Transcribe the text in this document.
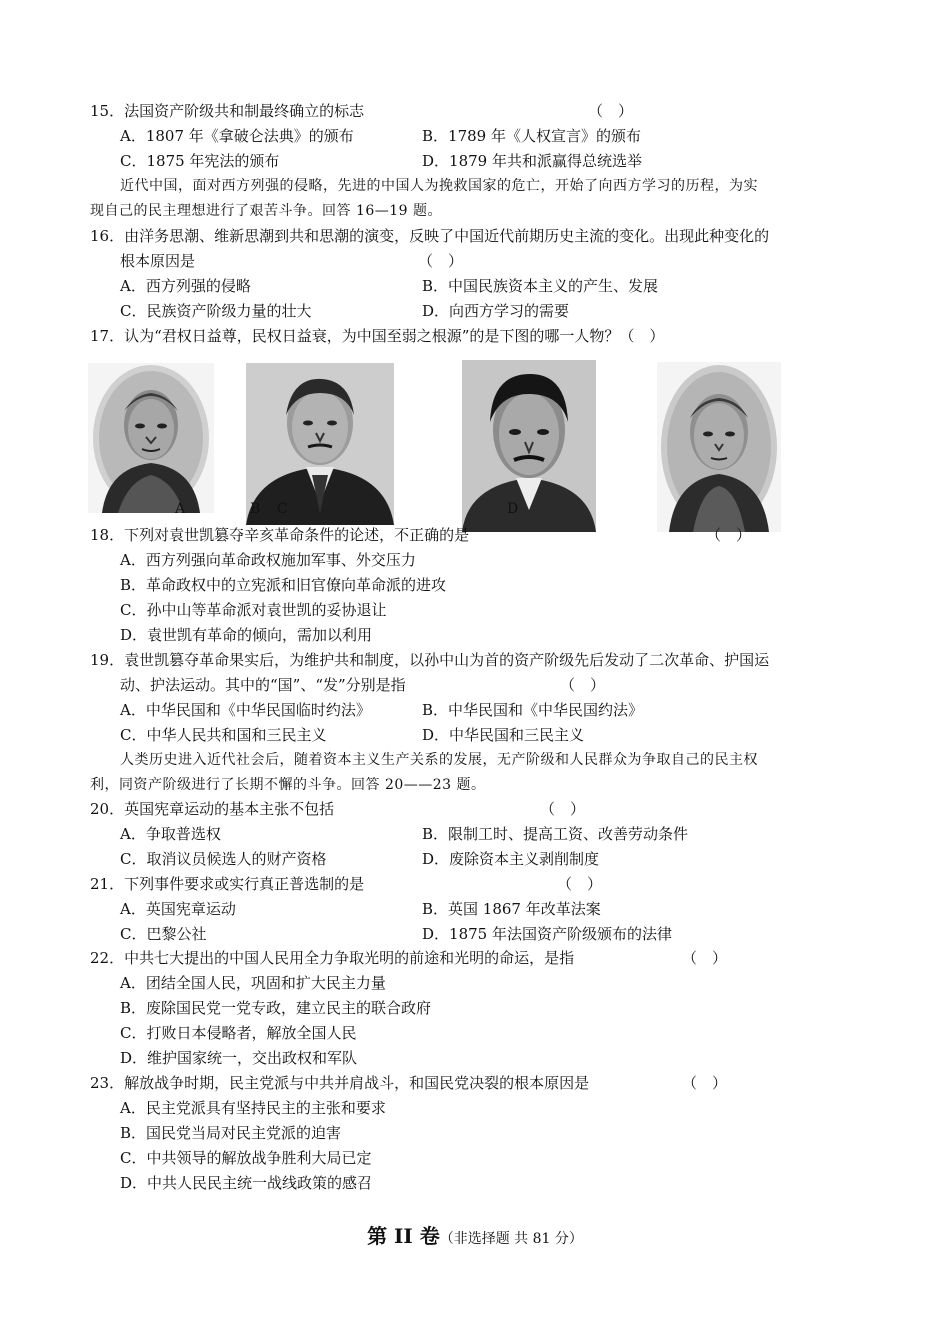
15．法国资产阶级共和制最终确立的标志	（　）
A．1807 年《拿破仑法典》的颁布	B．1789 年《人权宣言》的颁布
C．1875 年宪法的颁布	D．1879 年共和派赢得总统选举
近代中国，面对西方列强的侵略，先进的中国人为挽救国家的危亡，开始了向西方学习的历程，为实
现自己的民主理想进行了艰苦斗争。回答 16—19 题。
16．由洋务思潮、维新思潮到共和思潮的演变，反映了中国近代前期历史主流的变化。出现此种变化的
根本原因是	（　）
A．西方列强的侵略	B．中国民族资本主义的产生、发展
C．民族资产阶级力量的壮大	D．向西方学习的需要
17．认为“君权日益尊，民权日益衰，为中国至弱之根源”的是下图的哪一人物？（　）
A	B C	D
18．下列对袁世凯篡夺辛亥革命条件的论述，不正确的是	（　）
A．西方列强向革命政权施加军事、外交压力
B．革命政权中的立宪派和旧官僚向革命派的进攻
C．孙中山等革命派对袁世凯的妥协退让
D．袁世凯有革命的倾向，需加以利用
19．袁世凯篡夺革命果实后，为维护共和制度，以孙中山为首的资产阶级先后发动了二次革命、护国运
动、护法运动。其中的“国”、“发”分别是指	（　）
A．中华民国和《中华民国临时约法》	B．中华民国和《中华民国约法》
C．中华人民共和国和三民主义	D．中华民国和三民主义
人类历史进入近代社会后，随着资本主义生产关系的发展，无产阶级和人民群众为争取自己的民主权
利，同资产阶级进行了长期不懈的斗争。回答 20——23 题。
20．英国宪章运动的基本主张不包括	（　）
A．争取普选权	B．限制工时、提高工资、改善劳动条件
C．取消议员候选人的财产资格	D．废除资本主义剥削制度
21．下列事件要求或实行真正普选制的是	（　）
A．英国宪章运动	B．英国 1867 年改革法案
C．巴黎公社	D．1875 年法国资产阶级颁布的法律
22．中共七大提出的中国人民用全力争取光明的前途和光明的命运，是指	（　）
A．团结全国人民，巩固和扩大民主力量
B．废除国民党一党专政，建立民主的联合政府
C．打败日本侵略者，解放全国人民
D．维护国家统一，交出政权和军队
23．解放战争时期，民主党派与中共并肩战斗，和国民党决裂的根本原因是	（　）
A．民主党派具有坚持民主的主张和要求
B．国民党当局对民主党派的迫害
C．中共领导的解放战争胜利大局已定
D．中共人民民主统一战线政策的感召
第 II 卷（非选择题 共 81 分）
